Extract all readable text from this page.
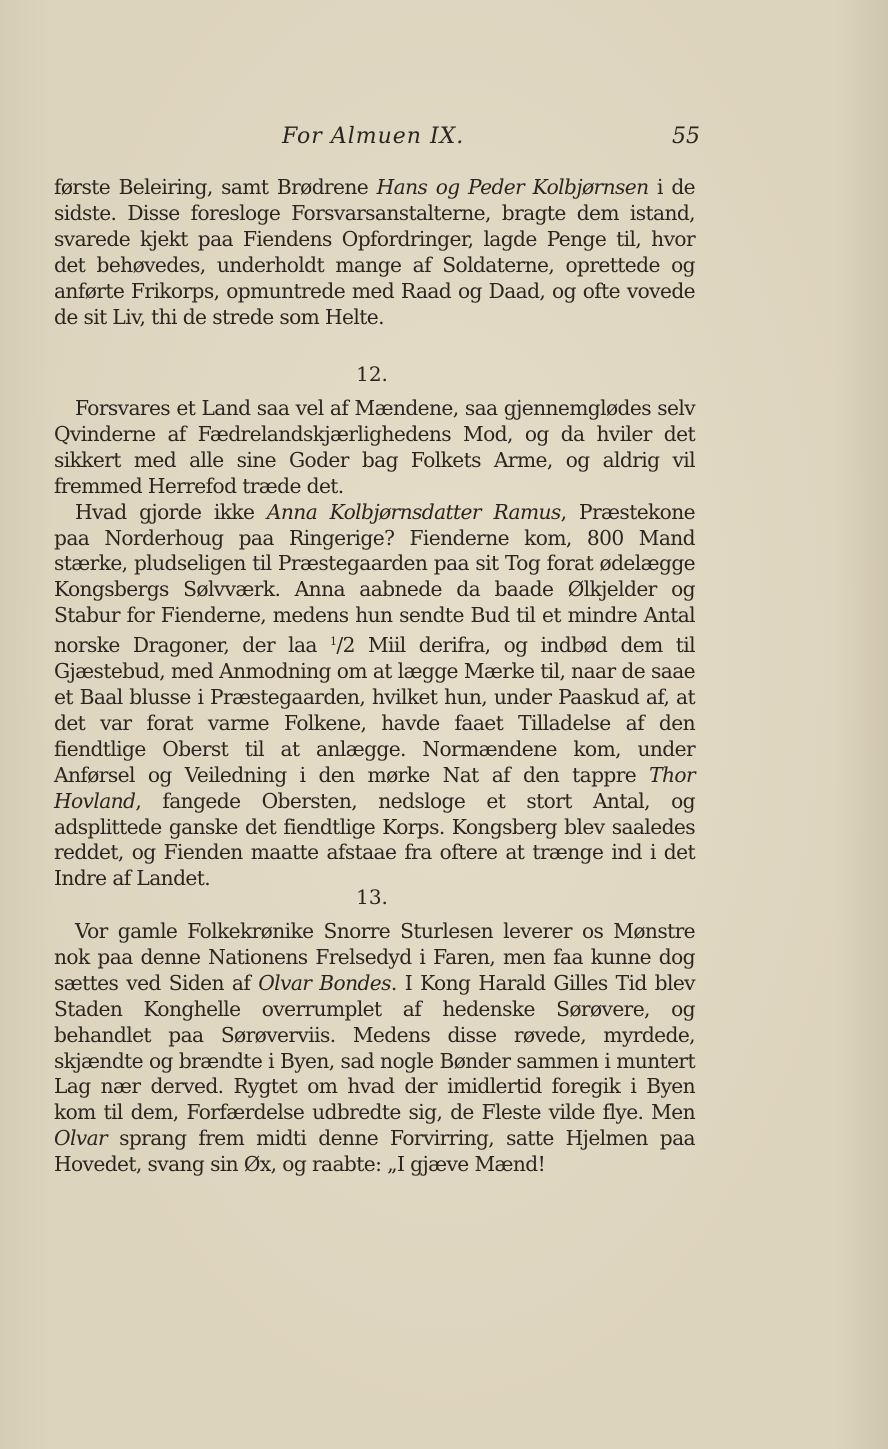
For Almuen IX.	55

første Beleiring, samt Brødrene Hans og Peder Kolbjørnsen i de sidste. Disse foresloge Forsvarsanstalterne, bragte dem istand, svarede kjekt paa Fiendens Opfordringer, lagde Penge til, hvor det behøvedes, underholdt mange af Soldaterne, oprettede og anførte Frikorps, opmuntrede med Raad og Daad, og ofte vovede de sit Liv, thi de strede som Helte.

12.

Forsvares et Land saa vel af Mændene, saa gjennemglødes selv Qvinderne af Fædrelandskjærlighedens Mod, og da hviler det sikkert med alle sine Goder bag Folkets Arme, og aldrig vil fremmed Herrefod træde det.

Hvad gjorde ikke Anna Kolbjørnsdatter Ramus, Præstekone paa Norderhoug paa Ringerige? Fienderne kom, 800 Mand stærke, pludseligen til Præstegaarden paa sit Tog forat ødelægge Kongsbergs Sølvværk. Anna aabnede da baade Ølkjelder og Stabur for Fienderne, medens hun sendte Bud til et mindre Antal norske Dragoner, der laa $^1$/2 Miil derifra, og indbød dem til Gjæstebud, med Anmodning om at lægge Mærke til, naar de saae et Baal blusse i Præstegaarden, hvilket hun, under Paaskud af, at det var forat varme Folkene, havde faaet Tilladelse af den fiendtlige Oberst til at anlægge. Normændene kom, under Anførsel og Veiledning i den mørke Nat af den tappre Thor Hovland, fangede Obersten, nedsloge et stort Antal, og adsplittede ganske det fiendtlige Korps. Kongsberg blev saaledes reddet, og Fienden maatte afstaae fra oftere at trænge ind i det Indre af Landet.

13.

Vor gamle Folkekrønike Snorre Sturlesen leverer os Mønstre nok paa denne Nationens Frelsedyd i Faren, men faa kunne dog sættes ved Siden af Olvar Bondes. I Kong Harald Gilles Tid blev Staden Konghelle overrumplet af hedenske Sørøvere, og behandlet paa Sørøverviis. Medens disse røvede, myrdede, skjændte og brændte i Byen, sad nogle Bønder sammen i muntert Lag nær derved. Rygtet om hvad der imidlertid foregik i Byen kom til dem, Forfærdelse udbredte sig, de Fleste vilde flye. Men Olvar sprang frem midti denne Forvirring, satte Hjelmen paa Hovedet, svang sin Øx, og raabte: „I gjæve Mænd!
